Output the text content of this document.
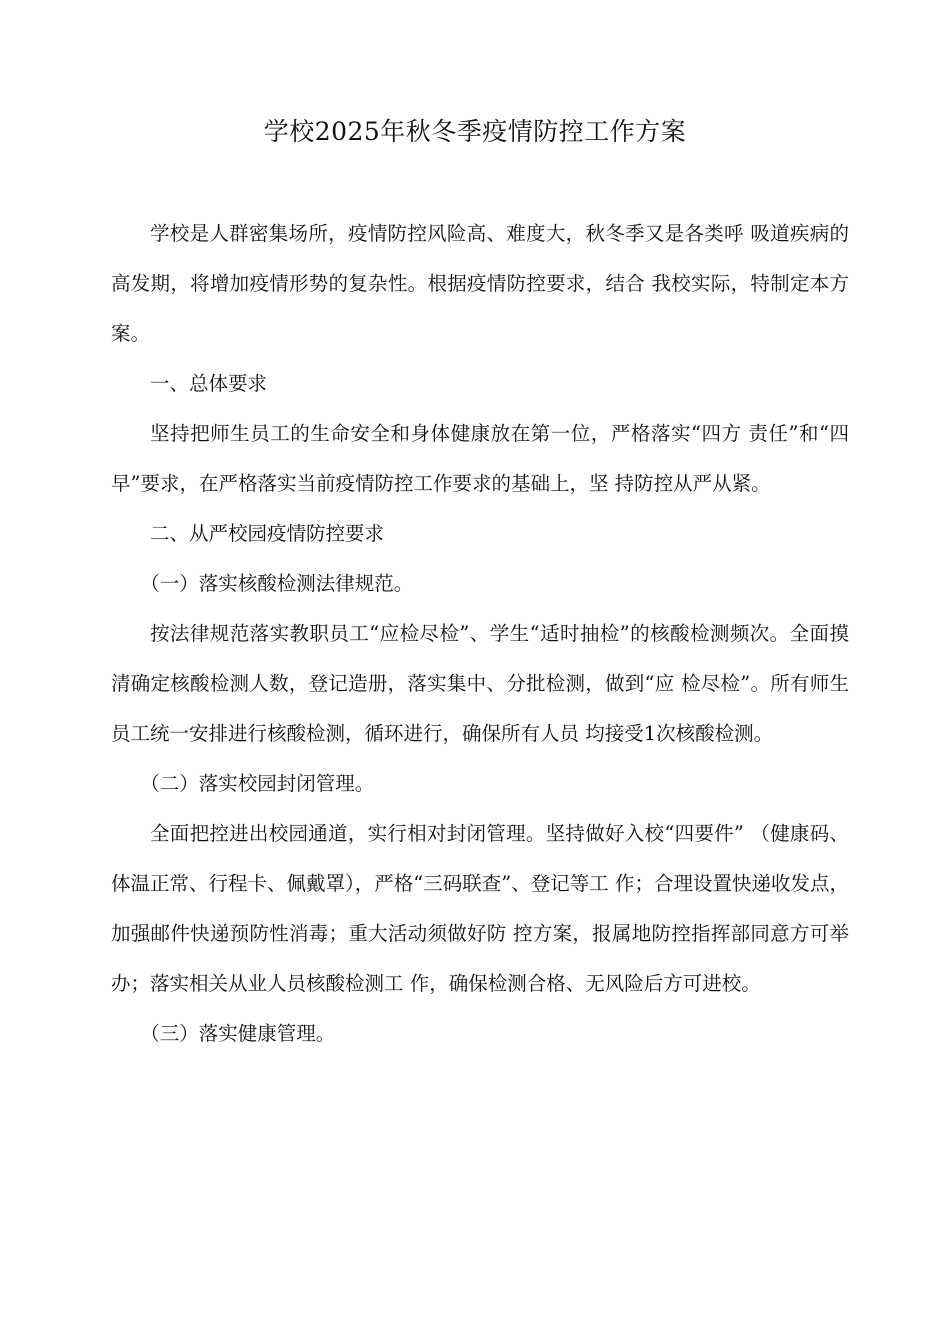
学校2025年秋冬季疫情防控工作方案

学校是人群密集场所，疫情防控风险高、难度大，秋冬季又是各类呼 吸道疾病的高发期，将增加疫情形势的复杂性。根据疫情防控要求，结合 我校实际，特制定本方案。

一、总体要求

坚持把师生员工的生命安全和身体健康放在第一位，严格落实“四方 责任”和“四早”要求，在严格落实当前疫情防控工作要求的基础上，坚 持防控从严从紧。

二、从严校园疫情防控要求

（一）落实核酸检测法律规范。

按法律规范落实教职员工“应检尽检”、学生“适时抽检”的核酸检测频次。全面摸清确定核酸检测人数，登记造册，落实集中、分批检测，做到“应 检尽检”。所有师生员工统一安排进行核酸检测，循环进行，确保所有人员 均接受1次核酸检测。

（二）落实校园封闭管理。

全面把控进出校园通道，实行相对封闭管理。坚持做好入校“四要件” （健康码、体温正常、行程卡、佩戴罩），严格“三码联查”、登记等工 作；合理设置快递收发点，加强邮件快递预防性消毒；重大活动须做好防 控方案，报属地防控指挥部同意方可举办；落实相关从业人员核酸检测工 作，确保检测合格、无风险后方可进校。

（三）落实健康管理。
